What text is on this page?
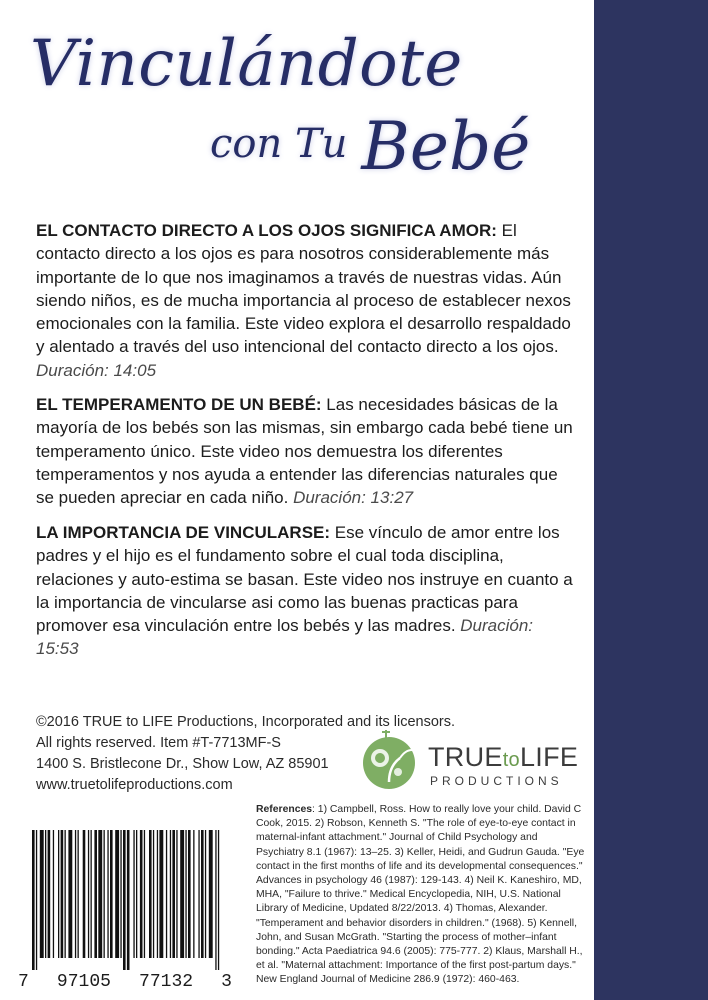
Vinculándote
con Tu Bebé
EL CONTACTO DIRECTO A LOS OJOS SIGNIFICA AMOR: El contacto directo a los ojos es para nosotros considerablemente más importante de lo que nos imaginamos a través de nuestras vidas. Aún siendo niños, es de mucha importancia al proceso de establecer nexos emocionales con la familia. Este video explora el desarrollo respaldado y alentado a través del uso intencional del contacto directo a los ojos. Duración: 14:05
EL TEMPERAMENTO DE UN BEBÉ: Las necesidades básicas de la mayoría de los bebés son las mismas, sin embargo cada bebé tiene un temperamento único. Este video nos demuestra los diferentes temperamentos y nos ayuda a entender las diferencias naturales que se pueden apreciar en cada niño. Duración: 13:27
LA IMPORTANCIA DE VINCULARSE: Ese vínculo de amor entre los padres y el hijo es el fundamento sobre el cual toda disciplina, relaciones y auto-estima se basan. Este video nos instruye en cuanto a la importancia de vincularse asi como las buenas practicas para promover esa vinculación entre los bebés y las madres. Duración: 15:53
©2016 TRUE to LIFE Productions, Incorporated and its licensors.
All rights reserved. Item #T-7713MF-S
1400 S. Bristlecone Dr., Show Low, AZ 85901
www.truetolifeproductions.com
TRUEtoLIFE
PRODUCTIONS
7 97105 77132 3
References: 1) Campbell, Ross. How to really love your child. David C Cook, 2015. 2) Robson, Kenneth S. "The role of eye-to-eye contact in maternal-infant attachment." Journal of Child Psychology and Psychiatry 8.1 (1967): 13–25. 3) Keller, Heidi, and Gudrun Gauda. "Eye contact in the first months of life and its developmental consequences." Advances in psychology 46 (1987): 129-143. 4) Neil K. Kaneshiro, MD, MHA, "Failure to thrive." Medical Encyclopedia, NIH, U.S. National Library of Medicine, Updated 8/22/2013. 4) Thomas, Alexander. "Temperament and behavior disorders in children." (1968). 5) Kennell, John, and Susan McGrath. "Starting the process of mother–infant bonding." Acta Paediatrica 94.6 (2005): 775-777. 2) Klaus, Marshall H., et al. "Maternal attachment: Importance of the first post-partum days." New England Journal of Medicine 286.9 (1972): 460-463.
